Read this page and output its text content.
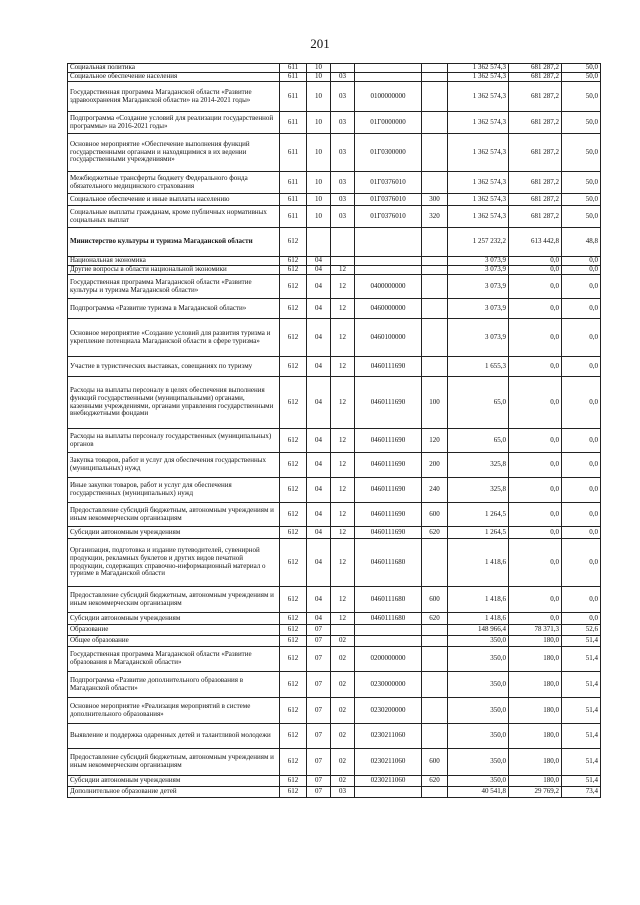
201
Социальная политика	611	10				1 362 574,3	681 287,2	50,0
Социальное обеспечение населения	611	10	03			1 362 574,3	681 287,2	50,0
Государственная программа Магаданской области «Развитие здравоохранения Магаданской области» на 2014-2021 годы»	611	10	03	0100000000		1 362 574,3	681 287,2	50,0
Подпрограмма «Создание условий для реализации государственной программы» на 2016-2021 годы»	611	10	03	01Г0000000		1 362 574,3	681 287,2	50,0
Основное мероприятие «Обеспечение выполнения функций государственными органами и находящимися в их ведении государственными учреждениями»	611	10	03	01Г0300000		1 362 574,3	681 287,2	50,0
Межбюджетные трансферты бюджету Федерального фонда обязательного медицинского страхования	611	10	03	01Г0376010		1 362 574,3	681 287,2	50,0
Социальное обеспечение и иные выплаты населению	611	10	03	01Г0376010	300	1 362 574,3	681 287,2	50,0
Социальные выплаты гражданам, кроме публичных нормативных социальных выплат	611	10	03	01Г0376010	320	1 362 574,3	681 287,2	50,0
Министерство культуры и туризма Магаданской области	612					1 257 232,2	613 442,8	48,8
Национальная экономика	612	04				3 073,9	0,0	0,0
Другие вопросы в области национальной экономики	612	04	12			3 073,9	0,0	0,0
Государственная программа Магаданской области «Развитие культуры и туризма Магаданской области»	612	04	12	0400000000		3 073,9	0,0	0,0
Подпрограмма «Развитие туризма в Магаданской области»	612	04	12	0460000000		3 073,9	0,0	0,0
Основное мероприятие «Создание условий для развития туризма и укрепление потенциала Магаданской области в сфере туризма»	612	04	12	0460100000		3 073,9	0,0	0,0
Участие в туристических выставках, совещаниях по туризму	612	04	12	0460111690		1 655,3	0,0	0,0
Расходы на выплаты персоналу в целях обеспечения выполнения функций государственными (муниципальными) органами, казенными учреждениями, органами управления государственными внебюджетными фондами	612	04	12	0460111690	100	65,0	0,0	0,0
Расходы на выплаты персоналу государственных (муниципальных) органов	612	04	12	0460111690	120	65,0	0,0	0,0
Закупка товаров, работ и услуг для обеспечения государственных (муниципальных) нужд	612	04	12	0460111690	200	325,8	0,0	0,0
Иные закупки товаров, работ и услуг для обеспечения государственных (муниципальных) нужд	612	04	12	0460111690	240	325,8	0,0	0,0
Предоставление субсидий бюджетным, автономным учреждениям и иным некоммерческим организациям	612	04	12	0460111690	600	1 264,5	0,0	0,0
Субсидии автономным учреждениям	612	04	12	0460111690	620	1 264,5	0,0	0,0
Организация, подготовка и издание путеводителей, сувенирной продукции, рекламных буклетов и других видов печатной продукции, содержащих справочно-информационный материал о туризме в Магаданской области	612	04	12	0460111680		1 418,6	0,0	0,0
Предоставление субсидий бюджетным, автономным учреждениям и иным некоммерческим организациям	612	04	12	0460111680	600	1 418,6	0,0	0,0
Субсидии автономным учреждениям	612	04	12	0460111680	620	1 418,6	0,0	0,0
Образование	612	07				148 966,4	78 371,3	52,6
Общее образование	612	07	02			350,0	180,0	51,4
Государственная программа Магаданской области «Развитие образования в Магаданской области»	612	07	02	0200000000		350,0	180,0	51,4
Подпрограмма «Развитие дополнительного образования в Магаданской области»	612	07	02	0230000000		350,0	180,0	51,4
Основное мероприятие «Реализация мероприятий в системе дополнительного образования»	612	07	02	0230200000		350,0	180,0	51,4
Выявление и поддержка одаренных детей и талантливой молодежи	612	07	02	0230211060		350,0	180,0	51,4
Предоставление субсидий бюджетным, автономным учреждениям и иным некоммерческим организациям	612	07	02	0230211060	600	350,0	180,0	51,4
Субсидии автономным учреждениям	612	07	02	0230211060	620	350,0	180,0	51,4
Дополнительное образование детей	612	07	03			40 541,8	29 769,2	73,4
